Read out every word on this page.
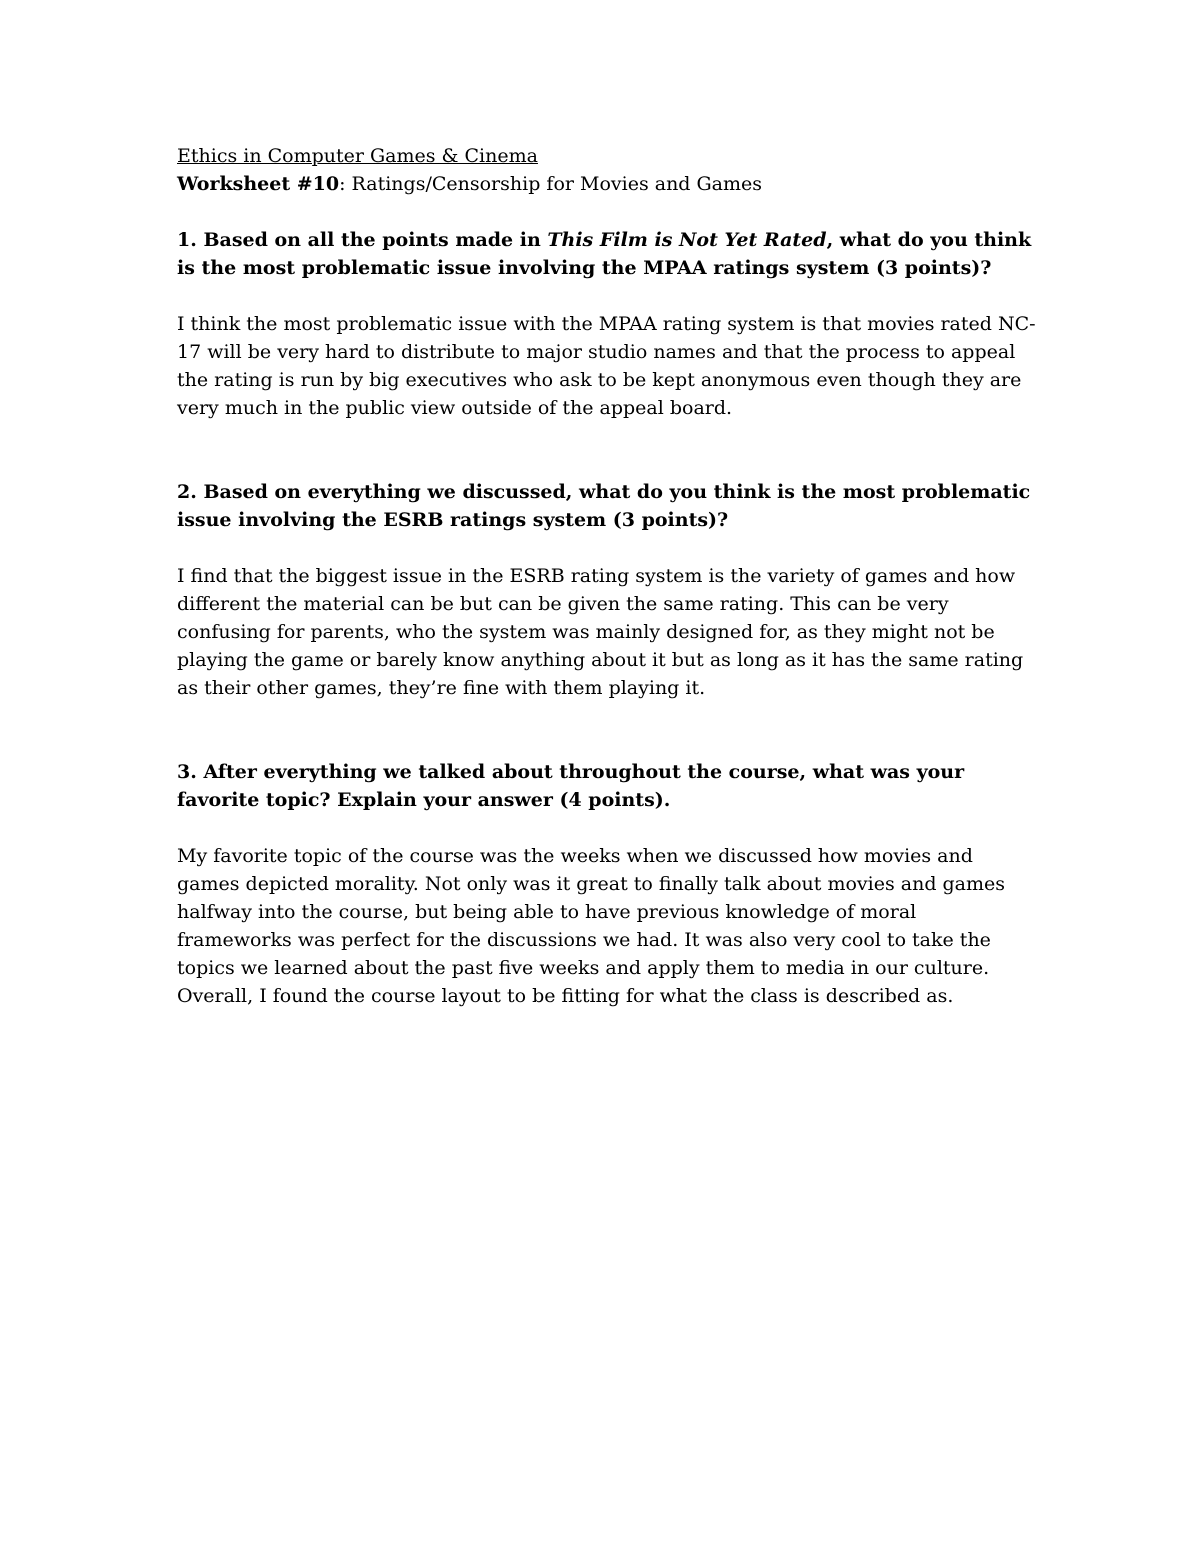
Ethics in Computer Games & Cinema

Worksheet #10: Ratings/Censorship for Movies and Games

1. Based on all the points made in This Film is Not Yet Rated, what do you think is the most problematic issue involving the MPAA ratings system (3 points)?

I think the most problematic issue with the MPAA rating system is that movies rated NC-17 will be very hard to distribute to major studio names and that the process to appeal the rating is run by big executives who ask to be kept anonymous even though they are very much in the public view outside of the appeal board.

2. Based on everything we discussed, what do you think is the most problematic issue involving the ESRB ratings system (3 points)?

I find that the biggest issue in the ESRB rating system is the variety of games and how different the material can be but can be given the same rating. This can be very confusing for parents, who the system was mainly designed for, as they might not be playing the game or barely know anything about it but as long as it has the same rating as their other games, they’re fine with them playing it.

3. After everything we talked about throughout the course, what was your favorite topic? Explain your answer (4 points).

My favorite topic of the course was the weeks when we discussed how movies and games depicted morality. Not only was it great to finally talk about movies and games halfway into the course, but being able to have previous knowledge of moral frameworks was perfect for the discussions we had. It was also very cool to take the topics we learned about the past five weeks and apply them to media in our culture. Overall, I found the course layout to be fitting for what the class is described as.
